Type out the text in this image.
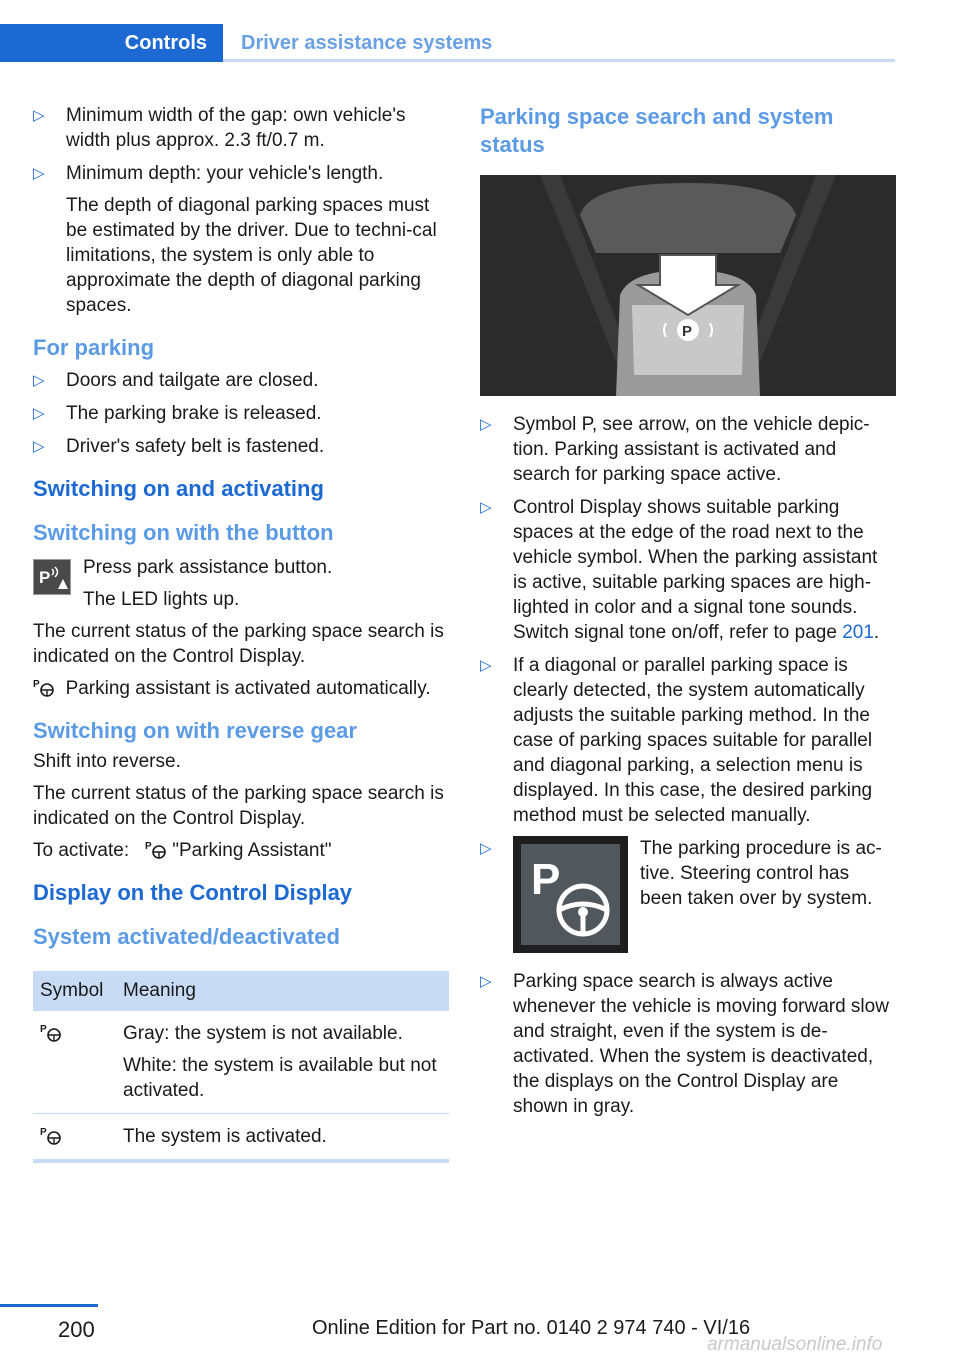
Controls	Driver assistance systems
▷ Minimum width of the gap: own vehicle's width plus approx. 2.3 ft/0.7 m.

▷ Minimum depth: your vehicle's length.

The depth of diagonal parking spaces must be estimated by the driver. Due to techni‐cal limitations, the system is only able to approximate the depth of diagonal parking spaces.

For parking
▷ Doors and tailgate are closed.

▷ The parking brake is released.

▷ Driver's safety belt is fastened.

Switching on and activating
Switching on with the button
P Press park assistance button.

The LED lights up.

The current status of the parking space search is indicated on the Control Display.

P Parking assistant is activated automatically.

Switching on with reverse gear

Shift into reverse.

The current status of the parking space search is indicated on the Control Display.

To activate: P "Parking Assistant"

Display on the Control Display
System activated/deactivated
Symbol	Meaning

P	Gray: the system is not available.

White: the system is available but not activated.

P	The system is activated.
Parking space search and system status
P
▷ Symbol P, see arrow, on the vehicle depic‐tion. Parking assistant is activated and search for parking space active.

▷ Control Display shows suitable parking spaces at the edge of the road next to the vehicle symbol. When the parking assistant is active, suitable parking spaces are high‐lighted in color and a signal tone sounds. Switch signal tone on/off, refer to page 201.

▷ If a diagonal or parallel parking space is clearly detected, the system automatically adjusts the suitable parking method. In the case of parking spaces suitable for parallel and diagonal parking, a selection menu is displayed. In this case, the desired parking method must be selected manually.

▷
P

The parking procedure is ac‐tive. Steering control has been taken over by system.

▷ Parking space search is always active whenever the vehicle is moving forward slow and straight, even if the system is de‐activated. When the system is deactivated, the displays on the Control Display are shown in gray.

200	Online Edition for Part no. 0140 2 974 740 - VI/16
armanualsonline.info
